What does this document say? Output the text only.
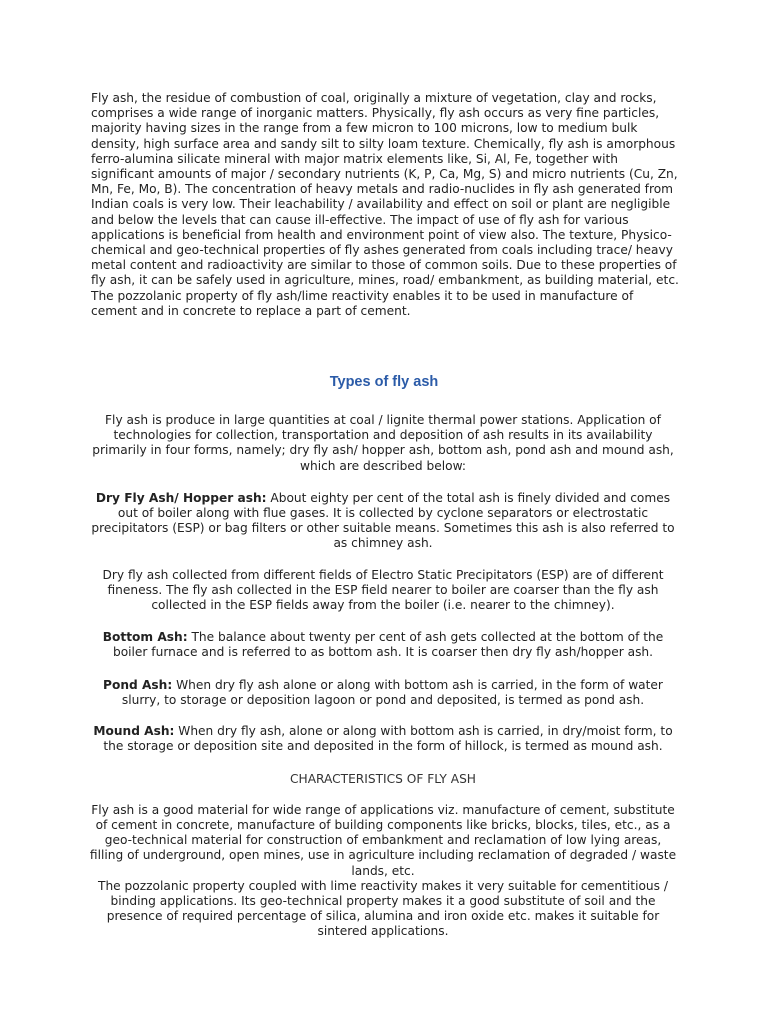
Fly ash, the residue of combustion of coal, originally a mixture of vegetation, clay and rocks, comprises a wide range of inorganic matters. Physically, fly ash occurs as very fine particles, majority having sizes in the range from a few micron to 100 microns, low to medium bulk density, high surface area and sandy silt to silty loam texture. Chemically, fly ash is amorphous ferro-alumina silicate mineral with major matrix elements like, Si, Al, Fe, together with significant amounts of major / secondary nutrients (K, P, Ca, Mg, S) and micro nutrients (Cu, Zn, Mn, Fe, Mo, B). The concentration of heavy metals and radio-nuclides in fly ash generated from Indian coals is very low. Their leachability / availability and effect on soil or plant are negligible and below the levels that can cause ill-effective. The impact of use of fly ash for various applications is beneficial from health and environment point of view also. The texture, Physico-chemical and geo-technical properties of fly ashes generated from coals including trace/ heavy metal content and radioactivity are similar to those of common soils. Due to these properties of fly ash, it can be safely used in agriculture, mines, road/ embankment, as building material, etc. The pozzolanic property of fly ash/lime reactivity enables it to be used in manufacture of cement and in concrete to replace a part of cement.

Types of fly ash

Fly ash is produce in large quantities at coal / lignite thermal power stations. Application of technologies for collection, transportation and deposition of ash results in its availability primarily in four forms, namely; dry fly ash/ hopper ash, bottom ash, pond ash and mound ash, which are described below:

Dry Fly Ash/ Hopper ash: About eighty per cent of the total ash is finely divided and comes out of boiler along with flue gases. It is collected by cyclone separators or electrostatic precipitators (ESP) or bag filters or other suitable means. Sometimes this ash is also referred to as chimney ash.

Dry fly ash collected from different fields of Electro Static Precipitators (ESP) are of different fineness. The fly ash collected in the ESP field nearer to boiler are coarser than the fly ash collected in the ESP fields away from the boiler (i.e. nearer to the chimney).

Bottom Ash: The balance about twenty per cent of ash gets collected at the bottom of the boiler furnace and is referred to as bottom ash. It is coarser then dry fly ash/hopper ash.

Pond Ash: When dry fly ash alone or along with bottom ash is carried, in the form of water slurry, to storage or deposition lagoon or pond and deposited, is termed as pond ash.

Mound Ash: When dry fly ash, alone or along with bottom ash is carried, in dry/moist form, to the storage or deposition site and deposited in the form of hillock, is termed as mound ash.

CHARACTERISTICS OF FLY ASH

Fly ash is a good material for wide range of applications viz. manufacture of cement, substitute of cement in concrete, manufacture of building components like bricks, blocks, tiles, etc., as a geo-technical material for construction of embankment and reclamation of low lying areas, filling of underground, open mines, use in agriculture including reclamation of degraded / waste lands, etc.

The pozzolanic property coupled with lime reactivity makes it very suitable for cementitious / binding applications. Its geo-technical property makes it a good substitute of soil and the presence of required percentage of silica, alumina and iron oxide etc. makes it suitable for sintered applications.
